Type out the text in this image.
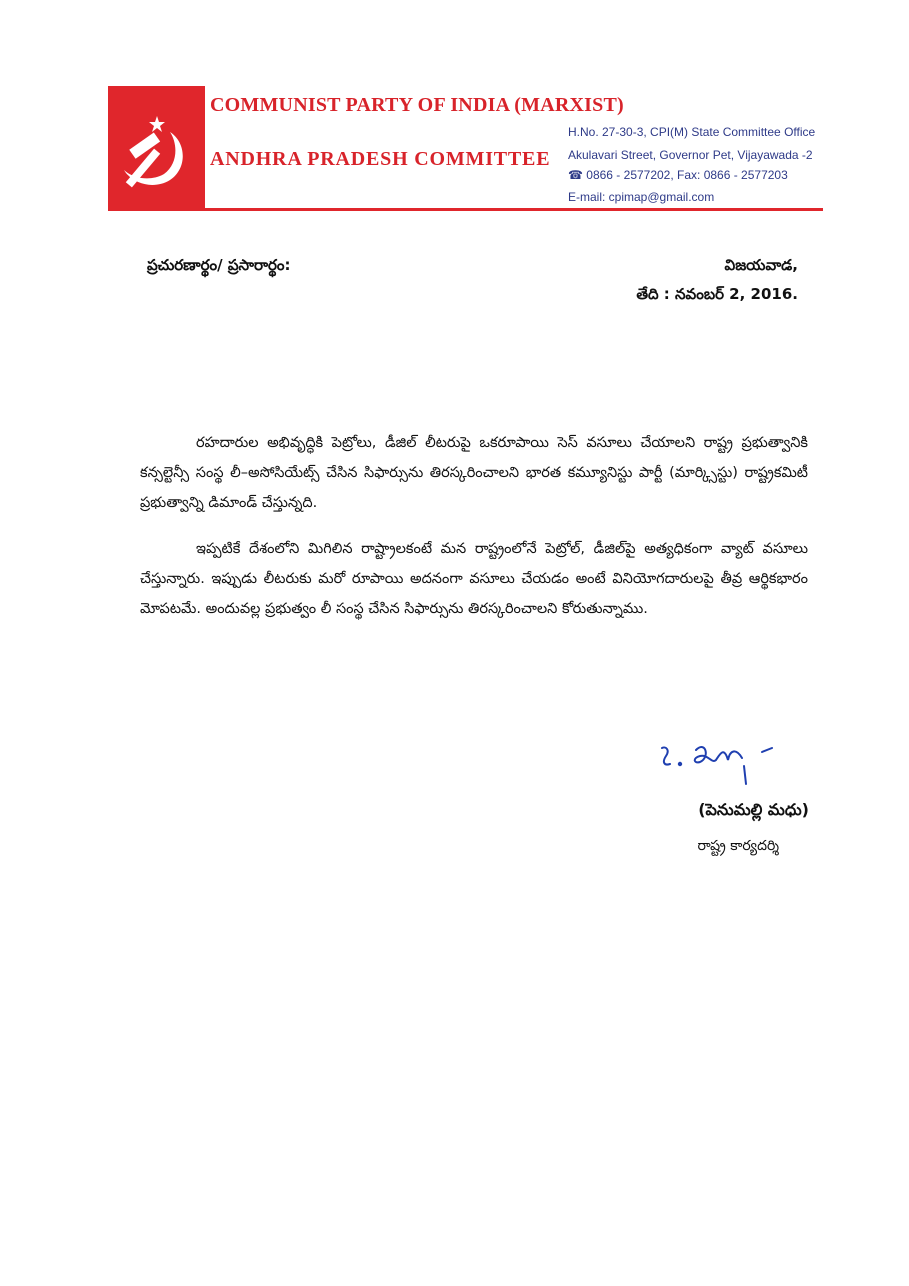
COMMUNIST PARTY OF INDIA (MARXIST)
ANDHRA PRADESH COMMITTEE
H.No. 27-30-3, CPI(M) State Committee Office
Akulavari Street, Governor Pet, Vijayawada -2
☎ 0866 - 2577202, Fax: 0866 - 2577203
E-mail: cpimap@gmail.com
ప్రచురణార్థం/ ప్రసారార్థం:	విజయవాడ,
తేది : నవంబర్ 2, 2016.

రహదారుల అభివృద్ధికి పెట్రోలు, డీజిల్ లీటరుపై ఒకరూపాయి సెస్ వసూలు చేయాలని రాష్ట్ర ప్రభుత్వానికి కన్సల్టెన్సీ సంస్థ లీ–అసోసియేట్స్ చేసిన సిఫార్సును తిరస్కరించాలని భారత కమ్యూనిస్టు పార్టీ (మార్క్సిస్టు) రాష్ట్రకమిటీ ప్రభుత్వాన్ని డిమాండ్ చేస్తున్నది.

ఇప్పటికే దేశంలోని మిగిలిన రాష్ట్రాలకంటే మన రాష్ట్రంలోనే పెట్రోల్, డీజిల్‌పై అత్యధికంగా వ్యాట్ వసూలు చేస్తున్నారు. ఇప్పుడు లీటరుకు మరో రూపాయి అదనంగా వసూలు చేయడం అంటే వినియోగదారులపై తీవ్ర ఆర్థికభారం మోపటమే. అందువల్ల ప్రభుత్వం లీ సంస్థ చేసిన సిఫార్సును తిరస్కరించాలని కోరుతున్నాము.

(పెనుమల్లి మధు)
రాష్ట్ర కార్యదర్శి
